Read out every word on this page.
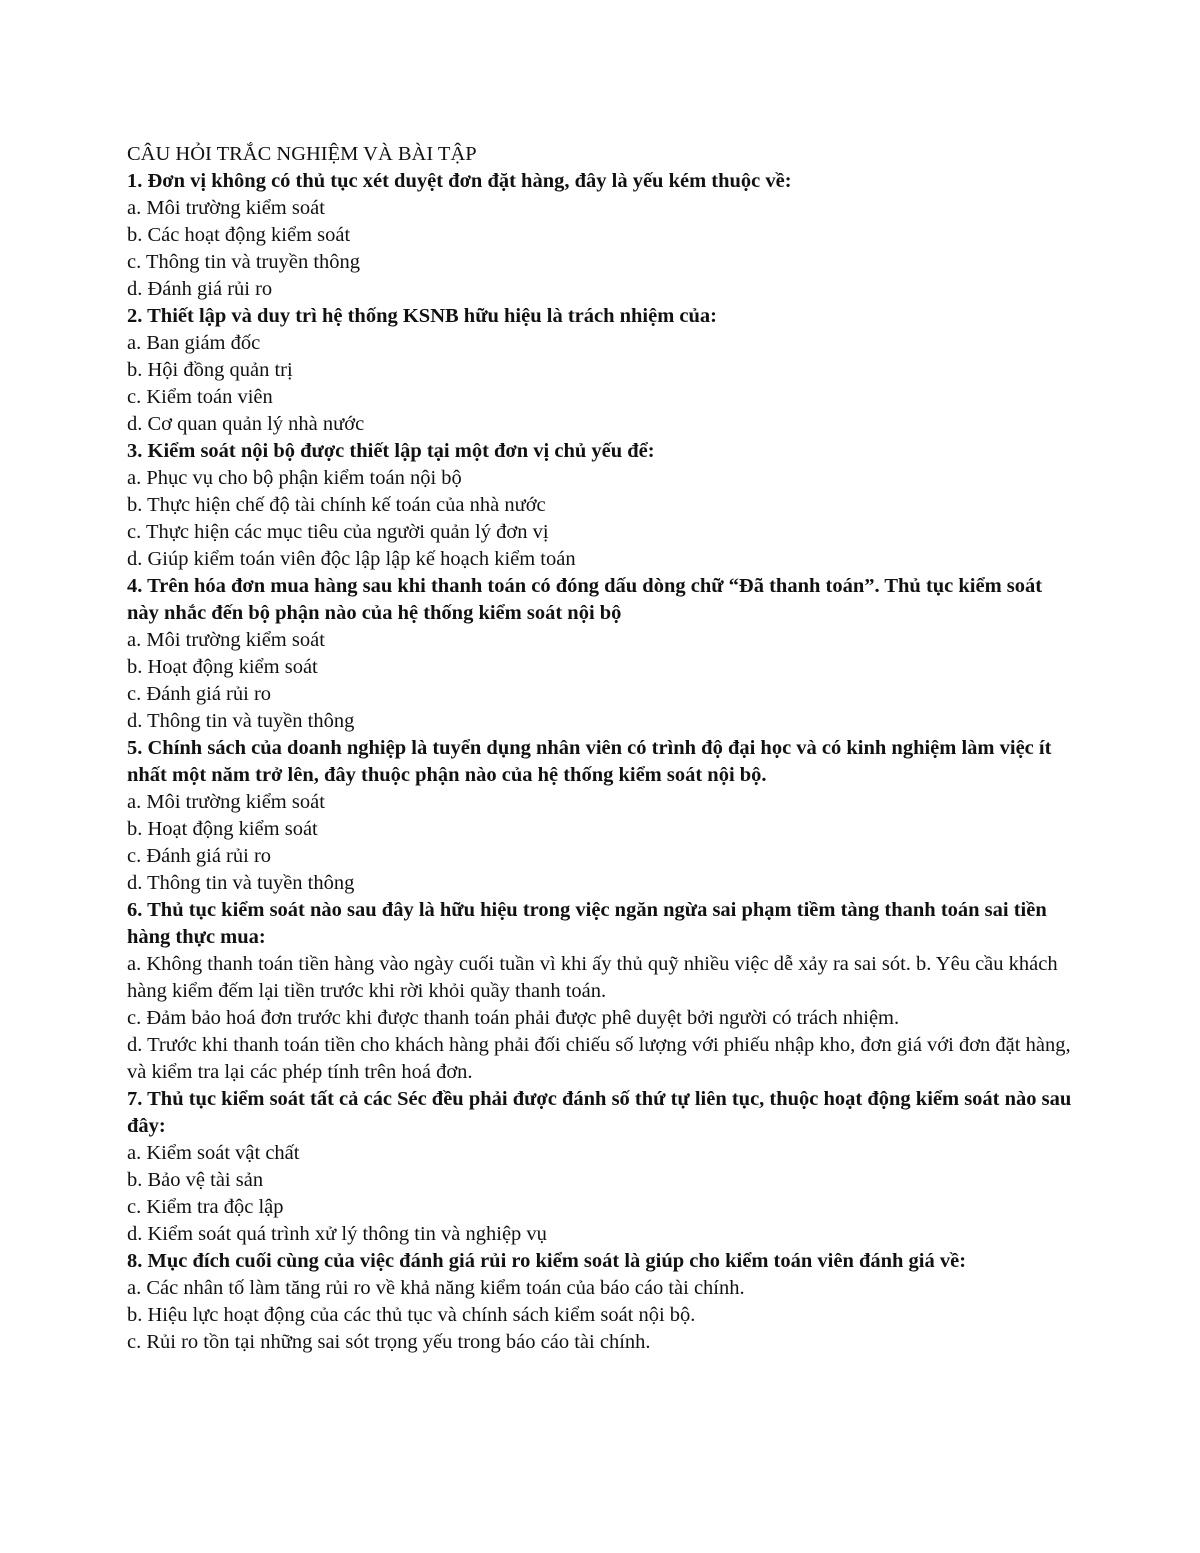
CÂU HỎI TRẮC NGHIỆM VÀ BÀI TẬP
1. Đơn vị không có thủ tục xét duyệt đơn đặt hàng, đây là yếu kém thuộc về:
a. Môi trường kiểm soát
b. Các hoạt động kiểm soát
c. Thông tin và truyền thông
d. Đánh giá rủi ro
2. Thiết lập và duy trì hệ thống KSNB hữu hiệu là trách nhiệm của:
a. Ban giám đốc
b. Hội đồng quản trị
c. Kiểm toán viên
d. Cơ quan quản lý nhà nước
3. Kiểm soát nội bộ được thiết lập tại một đơn vị chủ yếu để:
a. Phục vụ cho bộ phận kiểm toán nội bộ
b. Thực hiện chế độ tài chính kế toán của nhà nước
c. Thực hiện các mục tiêu của người quản lý đơn vị
d. Giúp kiểm toán viên độc lập lập kế hoạch kiểm toán
4. Trên hóa đơn mua hàng sau khi thanh toán có đóng dấu dòng chữ “Đã thanh toán”. Thủ tục kiểm soát này nhắc đến bộ phận nào của hệ thống kiểm soát nội bộ
a. Môi trường kiểm soát
b. Hoạt động kiểm soát
c. Đánh giá rủi ro
d. Thông tin và tuyền thông
5. Chính sách của doanh nghiệp là tuyển dụng nhân viên có trình độ đại học và có kinh nghiệm làm việc ít nhất một năm trở lên, đây thuộc phận nào của hệ thống kiểm soát nội bộ.
a. Môi trường kiểm soát
b. Hoạt động kiểm soát
c. Đánh giá rủi ro
d. Thông tin và tuyền thông
6. Thủ tục kiểm soát nào sau đây là hữu hiệu trong việc ngăn ngừa sai phạm tiềm tàng thanh toán sai tiền hàng thực mua:
a. Không thanh toán tiền hàng vào ngày cuối tuần vì khi ấy thủ quỹ nhiều việc dễ xảy ra sai sót. b. Yêu cầu khách hàng kiểm đếm lại tiền trước khi rời khỏi quầy thanh toán.
c. Đảm bảo hoá đơn trước khi được thanh toán phải được phê duyệt bởi người có trách nhiệm.
d. Trước khi thanh toán tiền cho khách hàng phải đối chiếu số lượng với phiếu nhập kho, đơn giá với đơn đặt hàng, và kiểm tra lại các phép tính trên hoá đơn.
7. Thủ tục kiểm soát tất cả các Séc đều phải được đánh số thứ tự liên tục, thuộc hoạt động kiểm soát nào sau đây:
a. Kiểm soát vật chất
b. Bảo vệ tài sản
c. Kiểm tra độc lập
d. Kiểm soát quá trình xử lý thông tin và nghiệp vụ
8. Mục đích cuối cùng của việc đánh giá rủi ro kiểm soát là giúp cho kiểm toán viên đánh giá về:
a. Các nhân tố làm tăng rủi ro về khả năng kiểm toán của báo cáo tài chính.
b. Hiệu lực hoạt động của các thủ tục và chính sách kiểm soát nội bộ.
c. Rủi ro tồn tại những sai sót trọng yếu trong báo cáo tài chính.
